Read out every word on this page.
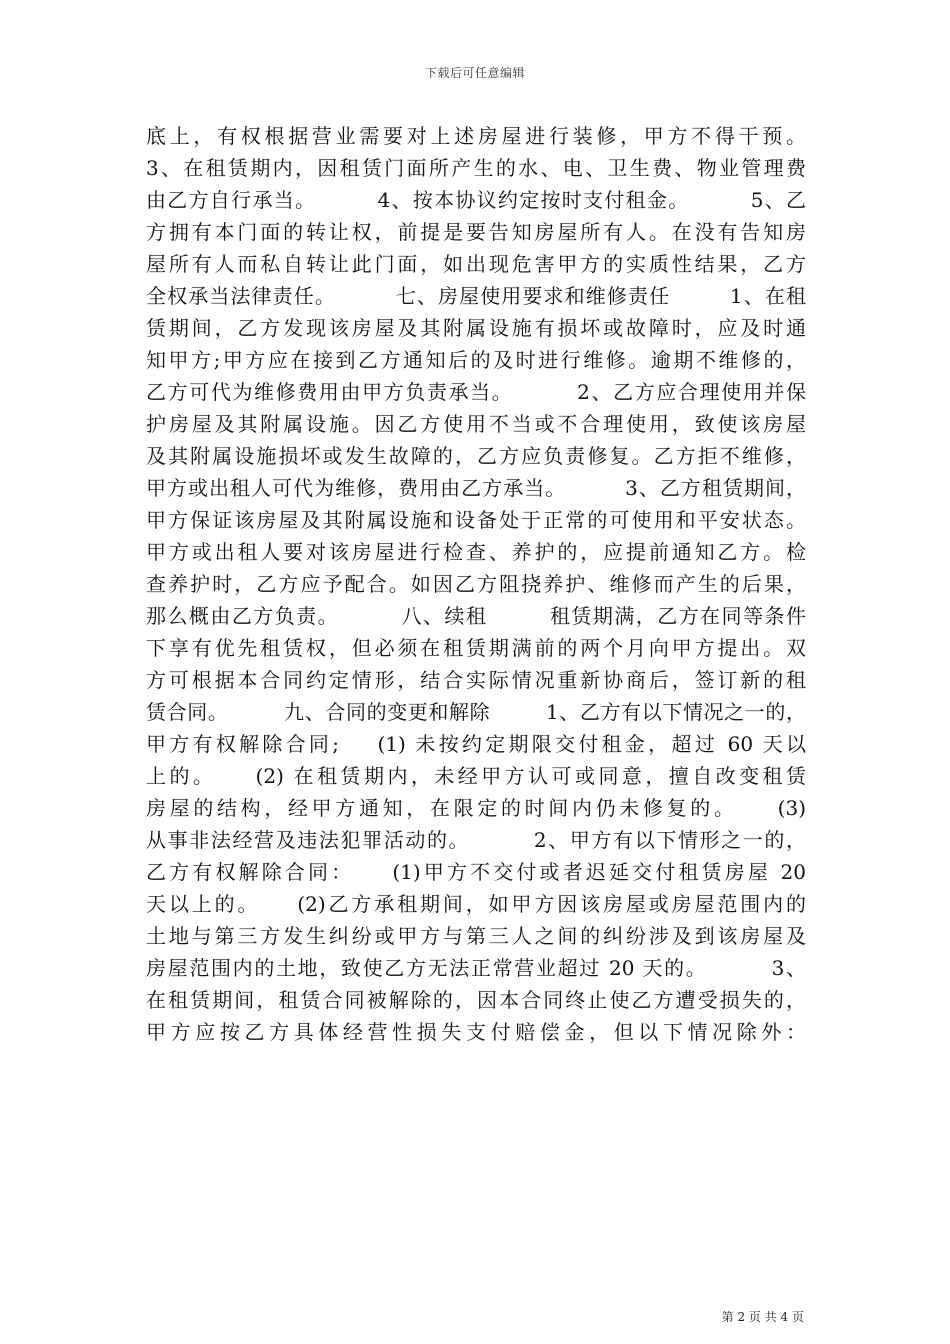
下载后可任意编辑
底上，有权根据营业需要对上述房屋进行装修，甲方不得干预。
3、在租赁期内，因租赁门面所产生的水、电、卫生费、物业管理费
由乙方自行承当。        4、按本协议约定按时支付租金。        5、乙
方拥有本门面的转让权，前提是要告知房屋所有人。在没有告知房
屋所有人而私自转让此门面，如出现危害甲方的实质性结果，乙方
全权承当法律责任。        七、房屋使用要求和维修责任        1、在租
赁期间，乙方发现该房屋及其附属设施有损坏或故障时，应及时通
知甲方;甲方应在接到乙方通知后的及时进行维修。逾期不维修的，
乙方可代为维修费用由甲方负责承当。        2、乙方应合理使用并保
护房屋及其附属设施。因乙方使用不当或不合理使用，致使该房屋
及其附属设施损坏或发生故障的，乙方应负责修复。乙方拒不维修，
甲方或出租人可代为维修，费用由乙方承当。        3、乙方租赁期间，
甲方保证该房屋及其附属设施和设备处于正常的可使用和平安状态。
甲方或出租人要对该房屋进行检查、养护的，应提前通知乙方。检
查养护时，乙方应予配合。如因乙方阻挠养护、维修而产生的后果，
那么概由乙方负责。        八、续租        租赁期满，乙方在同等条件
下享有优先租赁权，但必须在租赁期满前的两个月向甲方提出。双
方可根据本合同约定情形，结合实际情况重新协商后，签订新的租
赁合同。        九、合同的变更和解除        1、乙方有以下情况之一的，
甲方有权解除合同;    (1) 未按约定期限交付租金，超过 60 天以
上的。    (2) 在租赁期内，未经甲方认可或同意，擅自改变租赁
房屋的结构，经甲方通知，在限定的时间内仍未修复的。    (3)
从事非法经营及违法犯罪活动的。        2、甲方有以下情形之一的，
乙方有权解除合同：    (1)甲方不交付或者迟延交付租赁房屋 20
天以上的。    (2)乙方承租期间，如甲方因该房屋或房屋范围内的
土地与第三方发生纠纷或甲方与第三人之间的纠纷涉及到该房屋及
房屋范围内的土地，致使乙方无法正常营业超过 20 天的。        3、
在租赁期间，租赁合同被解除的，因本合同终止使乙方遭受损失的，
甲方应按乙方具体经营性损失支付赔偿金，但以下情况除外：
第 2 页 共 4 页
